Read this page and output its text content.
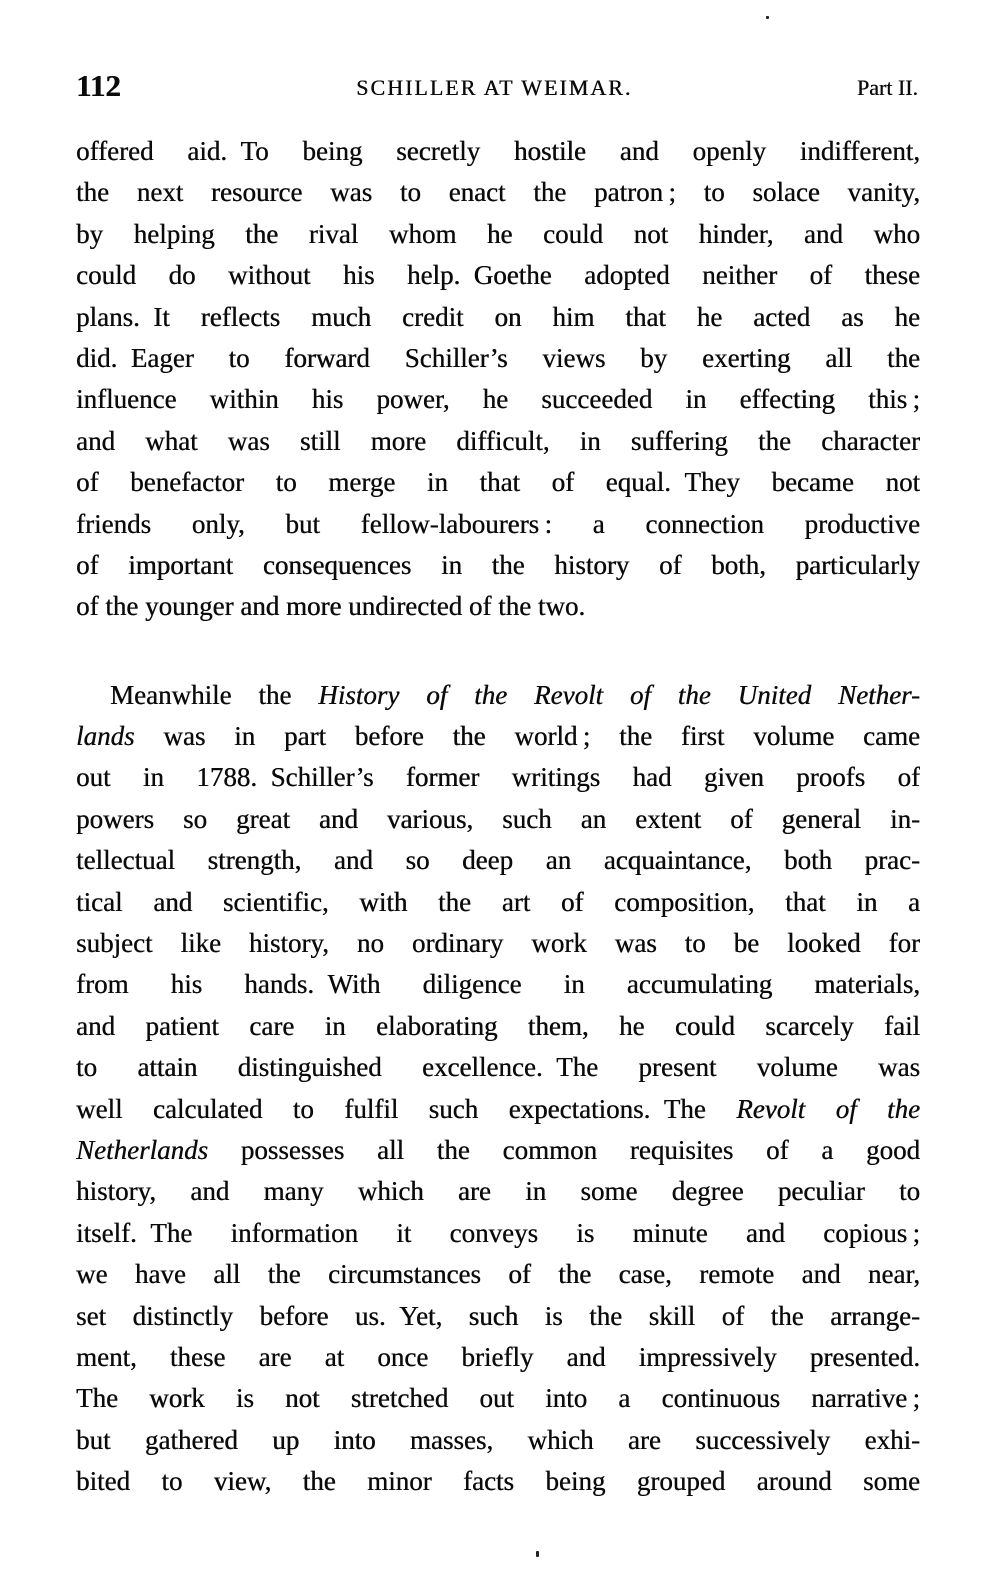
112	SCHILLER AT WEIMAR.	Part II.
offered aid. To being secretly hostile and openly indifferent,
the next resource was to enact the patron ; to solace vanity,
by helping the rival whom he could not hinder, and who
could do without his help. Goethe adopted neither of these
plans. It reflects much credit on him that he acted as he
did. Eager to forward Schiller’s views by exerting all the
influence within his power, he succeeded in effecting this ;
and what was still more difficult, in suffering the character
of benefactor to merge in that of equal. They became not
friends only, but fellow-labourers : a connection productive
of important consequences in the history of both, particularly
of the younger and more undirected of the two.
Meanwhile the History of the Revolt of the United Nether-
lands was in part before the world ; the first volume came
out in 1788. Schiller’s former writings had given proofs of
powers so great and various, such an extent of general in-
tellectual strength, and so deep an acquaintance, both prac-
tical and scientific, with the art of composition, that in a
subject like history, no ordinary work was to be looked for
from his hands. With diligence in accumulating materials,
and patient care in elaborating them, he could scarcely fail
to attain distinguished excellence. The present volume was
well calculated to fulfil such expectations. The Revolt of the
Netherlands possesses all the common requisites of a good
history, and many which are in some degree peculiar to
itself. The information it conveys is minute and copious ;
we have all the circumstances of the case, remote and near,
set distinctly before us. Yet, such is the skill of the arrange-
ment, these are at once briefly and impressively presented.
The work is not stretched out into a continuous narrative ;
but gathered up into masses, which are successively exhi-
bited to view, the minor facts being grouped around some
